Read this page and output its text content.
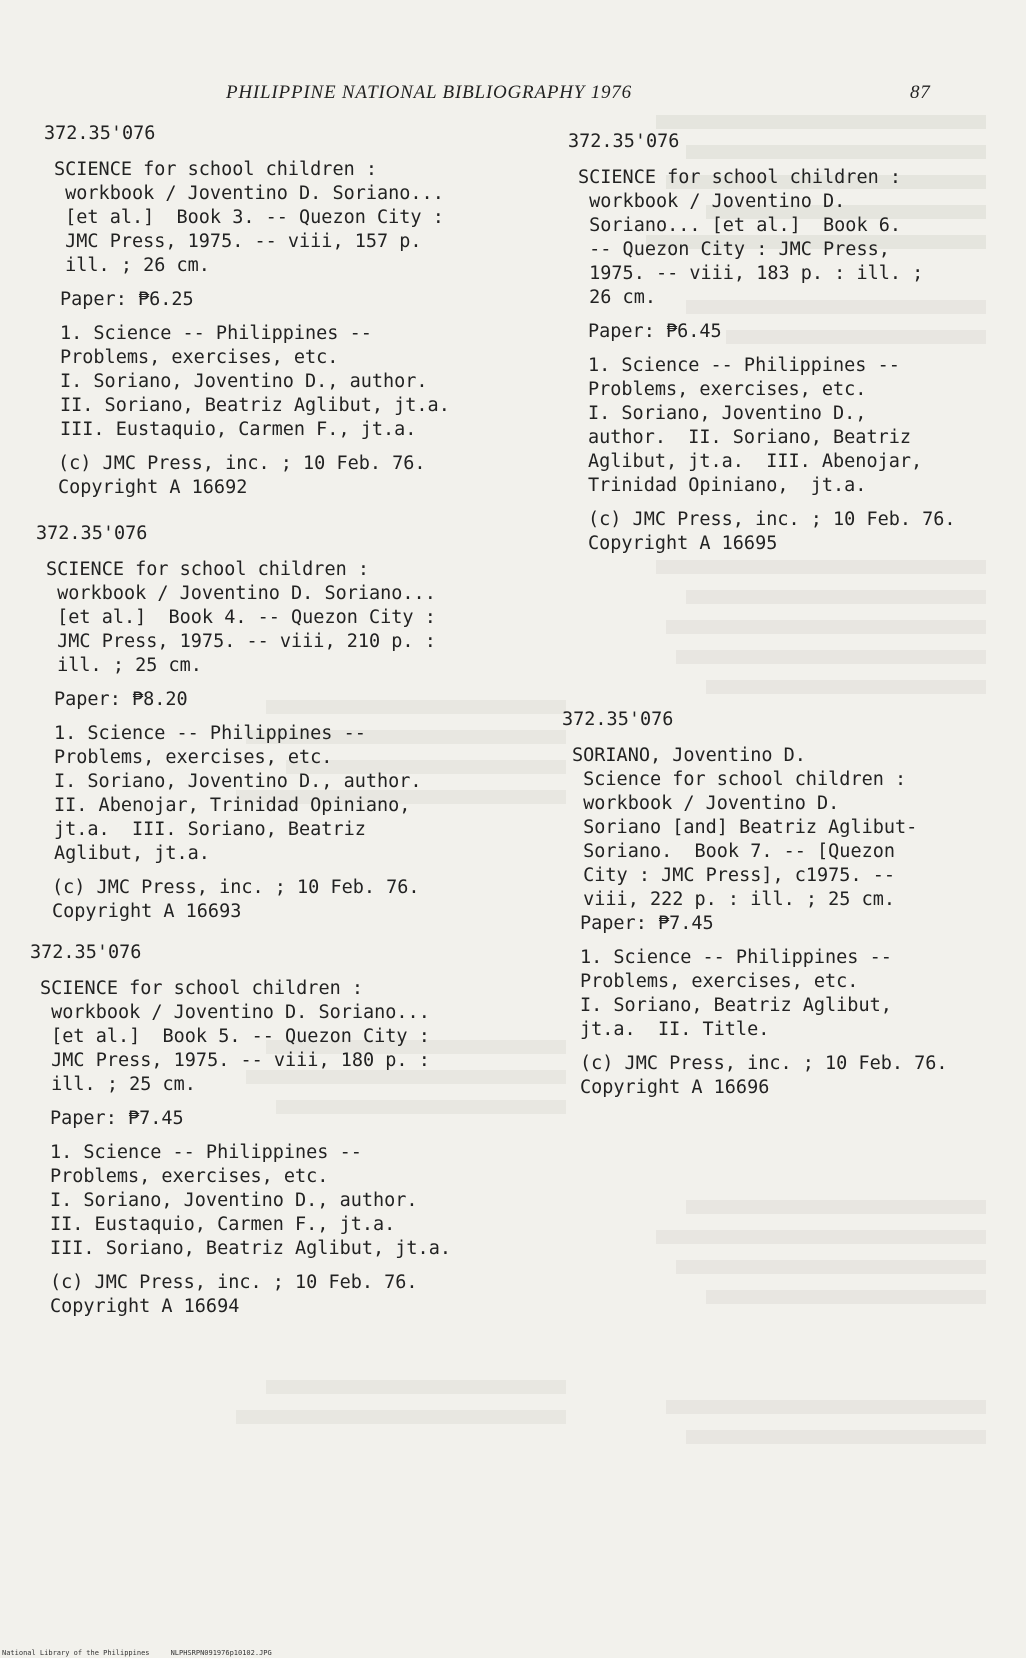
PHILIPPINE NATIONAL BIBLIOGRAPHY 1976	87
372.35'076
SCIENCE for school children :
workbook / Joventino D. Soriano...
[et al.]  Book 3. -- Quezon City :
JMC Press, 1975. -- viii, 157 p.
ill. ; 26 cm.
Paper: ₱6.25
1. Science -- Philippines --
Problems, exercises, etc.
I. Soriano, Joventino D., author.
II. Soriano, Beatriz Aglibut, jt.a.
III. Eustaquio, Carmen F., jt.a.
(c) JMC Press, inc. ; 10 Feb. 76.
Copyright A 16692
372.35'076
SCIENCE for school children :
workbook / Joventino D. Soriano...
[et al.]  Book 4. -- Quezon City :
JMC Press, 1975. -- viii, 210 p. :
ill. ; 25 cm.
Paper: ₱8.20
1. Science -- Philippines --
Problems, exercises, etc.
I. Soriano, Joventino D., author.
II. Abenojar, Trinidad Opiniano,
jt.a.  III. Soriano, Beatriz
Aglibut, jt.a.
(c) JMC Press, inc. ; 10 Feb. 76.
Copyright A 16693
372.35'076
SCIENCE for school children :
workbook / Joventino D. Soriano...
[et al.]  Book 5. -- Quezon City :
JMC Press, 1975. -- viii, 180 p. :
ill. ; 25 cm.
Paper: ₱7.45
1. Science -- Philippines --
Problems, exercises, etc.
I. Soriano, Joventino D., author.
II. Eustaquio, Carmen F., jt.a.
III. Soriano, Beatriz Aglibut, jt.a.
(c) JMC Press, inc. ; 10 Feb. 76.
Copyright A 16694
372.35'076
SCIENCE for school children :
workbook / Joventino D.
Soriano... [et al.]  Book 6.
-- Quezon City : JMC Press,
1975. -- viii, 183 p. : ill. ;
26 cm.
Paper: ₱6.45
1. Science -- Philippines --
Problems, exercises, etc.
I. Soriano, Joventino D.,
author.  II. Soriano, Beatriz
Aglibut, jt.a.  III. Abenojar,
Trinidad Opiniano,  jt.a.
(c) JMC Press, inc. ; 10 Feb. 76.
Copyright A 16695
372.35'076
SORIANO, Joventino D.
Science for school children :
workbook / Joventino D.
Soriano [and] Beatriz Aglibut-
Soriano.  Book 7. -- [Quezon
City : JMC Press], c1975. --
viii, 222 p. : ill. ; 25 cm.
Paper: ₱7.45
1. Science -- Philippines --
Problems, exercises, etc.
I. Soriano, Beatriz Aglibut,
jt.a.  II. Title.
(c) JMC Press, inc. ; 10 Feb. 76.
Copyright A 16696
National Library of the Philippines     NLPHSRPN091976p10102.JPG
